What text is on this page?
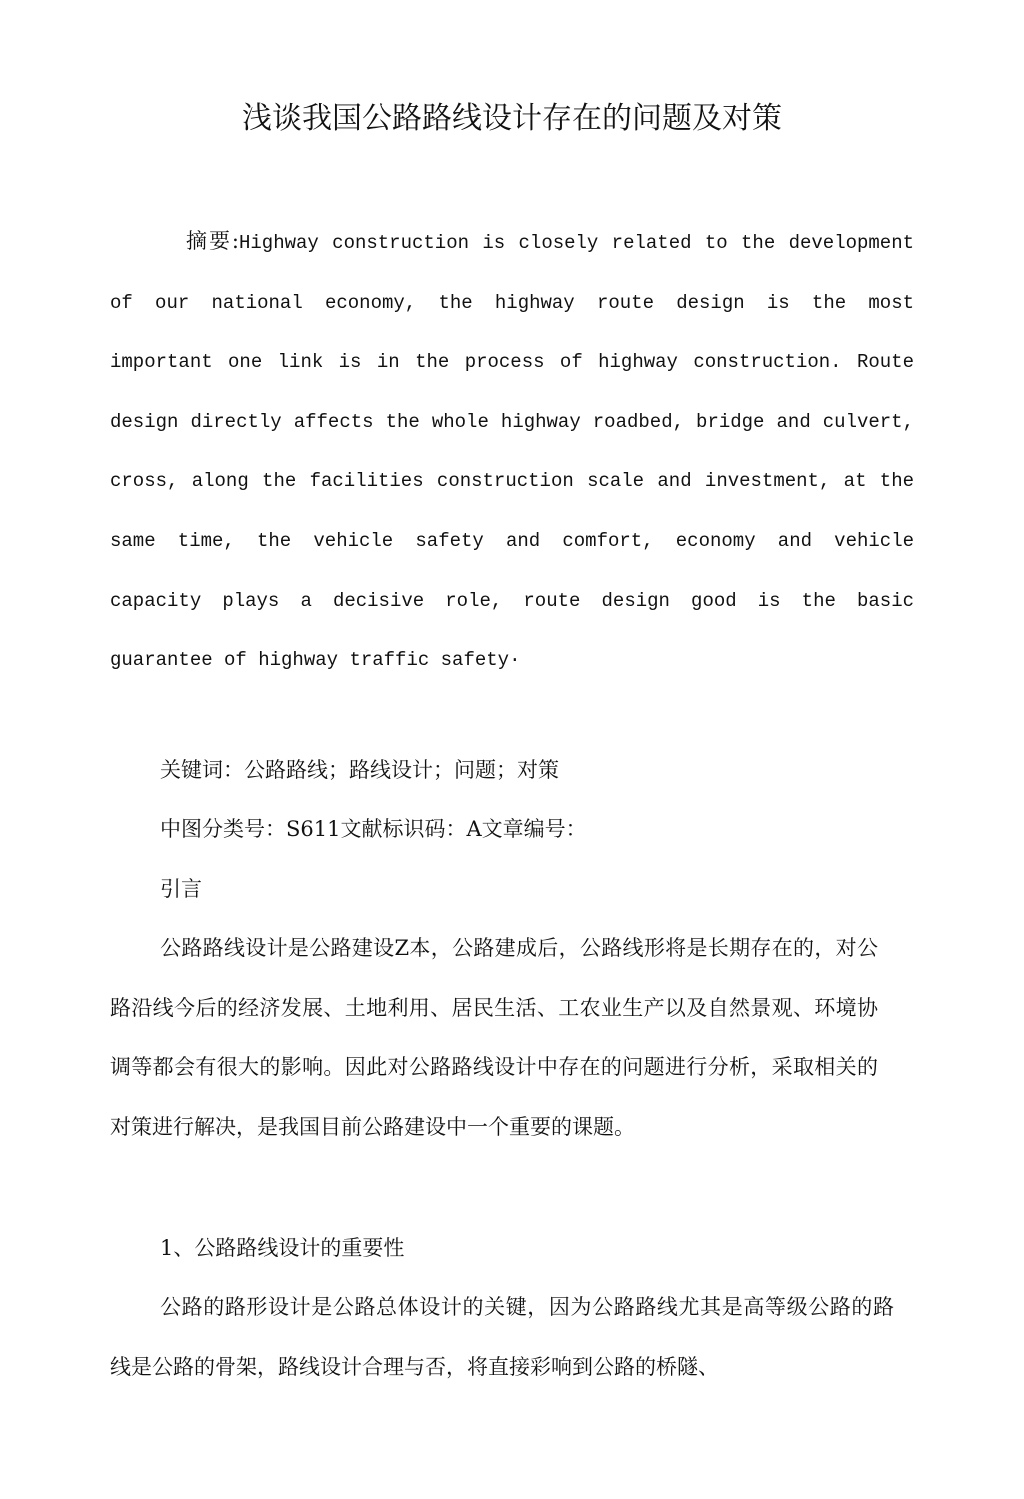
浅谈我国公路路线设计存在的问题及对策
摘要:Highway construction is closely related to the development of our national economy, the highway route design is the most important one link is in the process of highway construction. Route design directly affects the whole highway roadbed, bridge and culvert, cross, along the facilities construction scale and investment, at the same time, the vehicle safety and comfort, economy and vehicle capacity plays a decisive role, route design good is the basic guarantee of highway traffic safety·
关键词：公路路线；路线设计；问题；对策
中图分类号：S611文献标识码：A文章编号：
引言
公路路线设计是公路建设Z本，公路建成后，公路线形将是长期存在的，对公路沿线今后的经济发展、土地利用、居民生活、工农业生产以及自然景观、环境协调等都会有很大的影响。因此对公路路线设计中存在的问题进行分析，采取相关的对策进行解决，是我国目前公路建设中一个重要的课题。
1、公路路线设计的重要性
公路的路形设计是公路总体设计的关键，因为公路路线尤其是高等级公路的路线是公路的骨架，路线设计合理与否，将直接彩响到公路的桥隧、
